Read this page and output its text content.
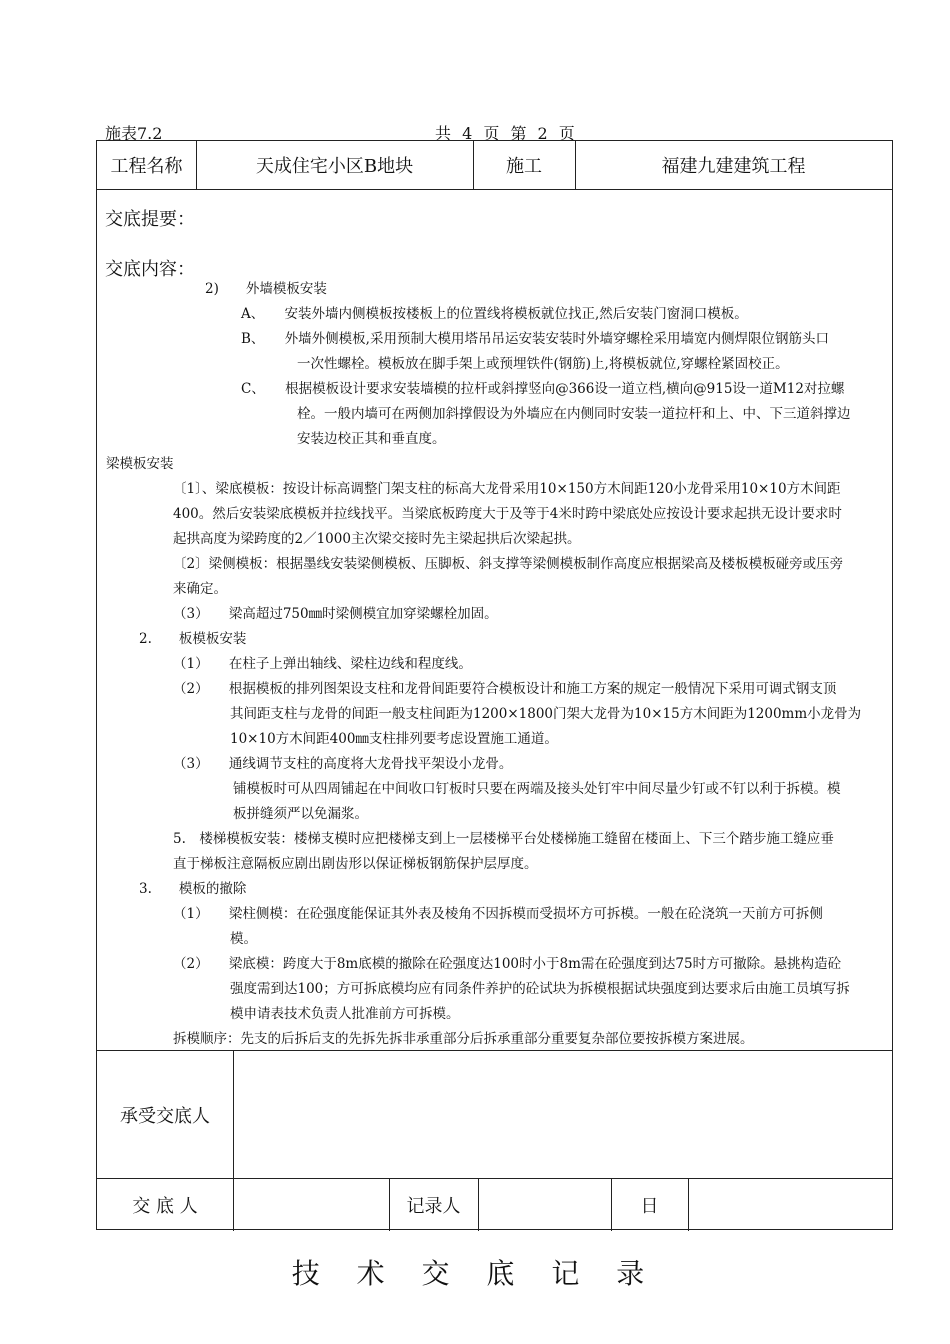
施表7.2	共 4 页 第 2 页
工程名称	天成住宅小区B地块	施工	福建九建建筑工程
交底提要：
交底内容：
2)　　外墙模板安装
A、　　安装外墙内侧模板按楼板上的位置线将模板就位找正,然后安装门窗洞口模板。
B、　　外墙外侧模板,采用预制大模用塔吊吊运安装安装时外墙穿螺栓采用墙宽内侧焊限位钢筋头口
一次性螺栓。模板放在脚手架上或预埋铁件(钢筋)上,将模板就位,穿螺栓紧固校正。
C、　　根据模板设计要求安装墙模的拉杆或斜撑竖向@366设一道立档,横向@915设一道M12对拉螺
栓。一般内墙可在两侧加斜撑假设为外墙应在内侧同时安装一道拉杆和上、中、下三道斜撑边
安装边校正其和垂直度。
梁模板安装
〔1〕、梁底模板：按设计标高调整门架支柱的标高大龙骨采用10×150方木间距120小龙骨采用10×10方木间距
400。然后安装梁底模板并拉线找平。当梁底板跨度大于及等于4米时跨中梁底处应按设计要求起拱无设计要求时
起拱高度为梁跨度的2／1000主次梁交接时先主梁起拱后次梁起拱。
〔2〕梁侧模板：根据墨线安装梁侧模板、压脚板、斜支撑等梁侧模板制作高度应根据梁高及楼板模板碰旁或压旁
来确定。
（3）　　梁高超过750㎜时梁侧模宜加穿梁螺栓加固。
2.　　板模板安装
（1）　　在柱子上弹出轴线、梁柱边线和程度线。
（2）　　根据模板的排列图架设支柱和龙骨间距要符合模板设计和施工方案的规定一般情况下采用可调式钢支顶
其间距支柱与龙骨的间距一般支柱间距为1200×1800门架大龙骨为10×15方木间距为1200mm小龙骨为
10×10方木间距400㎜支柱排列要考虑设置施工通道。
（3）　　通线调节支柱的高度将大龙骨找平架设小龙骨。
铺模板时可从四周铺起在中间收口钉板时只要在两端及接头处钉牢中间尽量少钉或不钉以利于拆模。模
板拼缝须严以免漏浆。
5.　楼梯模板安装：楼梯支模时应把楼梯支到上一层楼梯平台处楼梯施工缝留在楼面上、下三个踏步施工缝应垂
直于梯板注意隔板应剧出剧齿形以保证梯板钢筋保护层厚度。
3.　　模板的撤除
（1）　　梁柱侧模：在砼强度能保证其外表及棱角不因拆模而受损坏方可拆模。一般在砼浇筑一天前方可拆侧
模。
（2）　　梁底模：跨度大于8m底模的撤除在砼强度达100时小于8m需在砼强度到达75时方可撤除。悬挑构造砼
强度需到达100；方可拆底模均应有同条件养护的砼试块为拆模根据试块强度到达要求后由施工员填写拆
模申请表技术负责人批准前方可拆模。
拆模顺序：先支的后拆后支的先拆先拆非承重部分后拆承重部分重要复杂部位要按拆模方案进展。
承受交底人
交 底 人	记录人	日
技 术 交 底 记 录
